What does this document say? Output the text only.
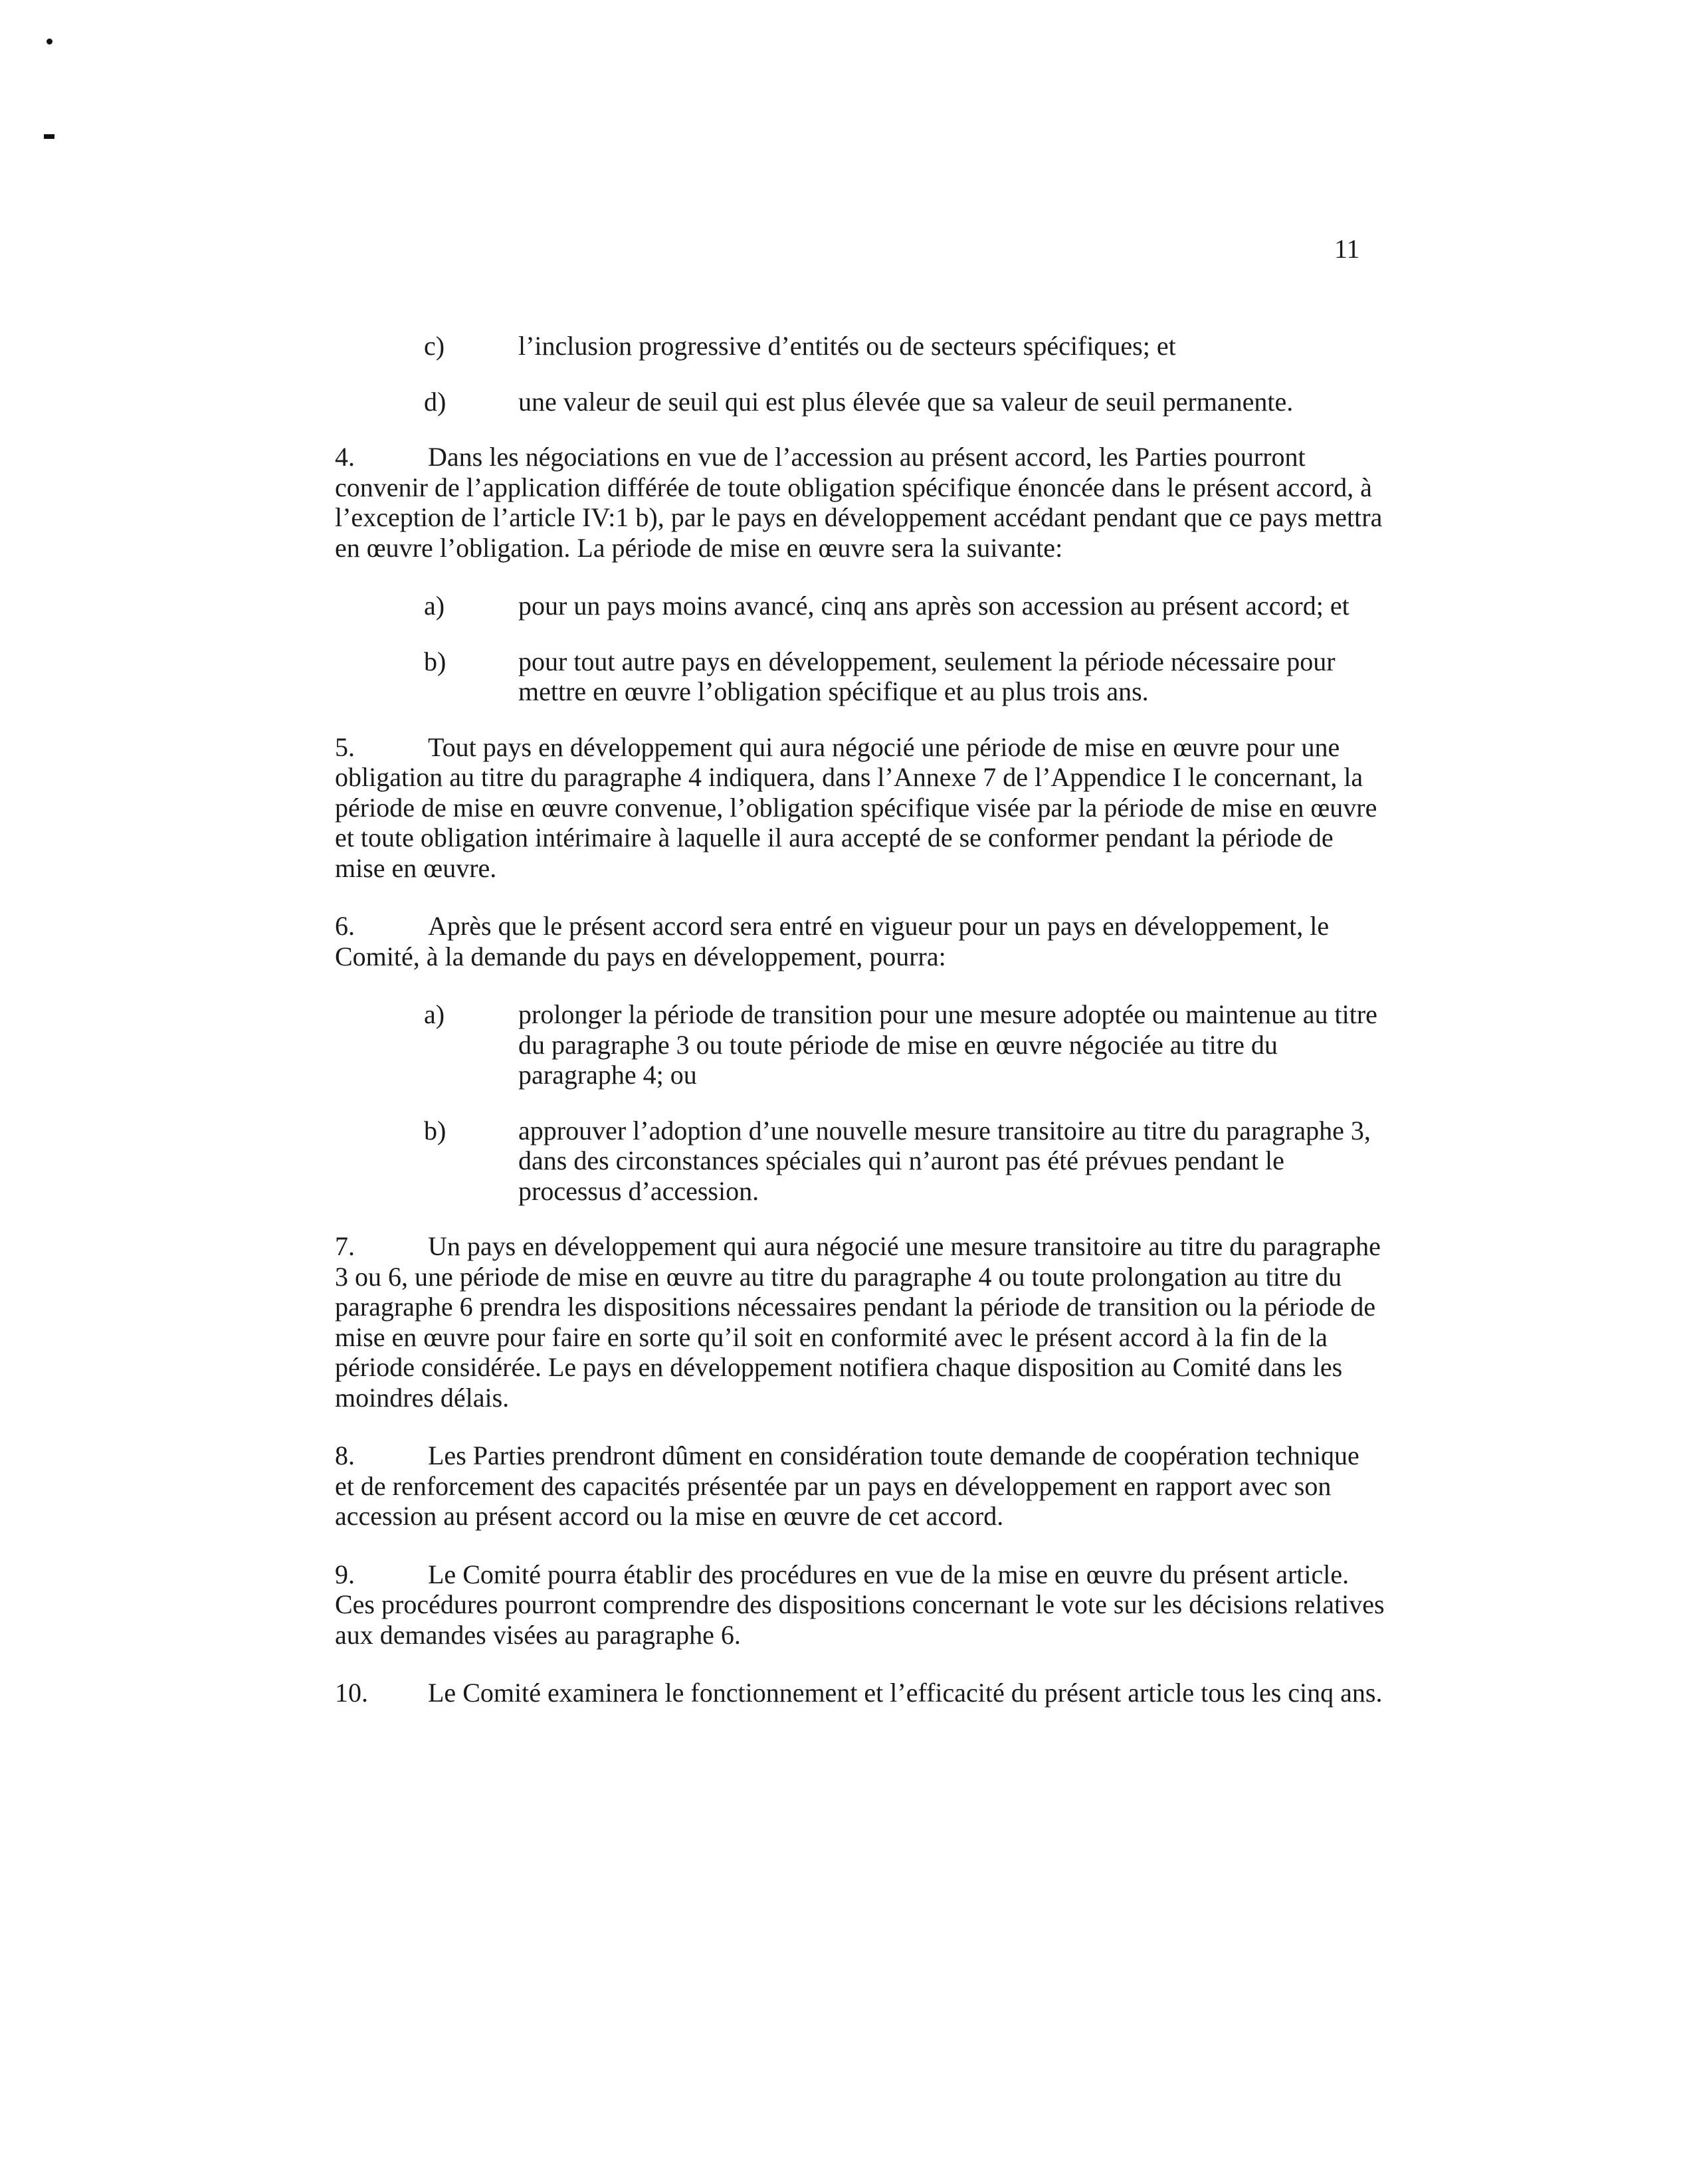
11
c)	l’inclusion progressive d’entités ou de secteurs spécifiques; et
d)	une valeur de seuil qui est plus élevée que sa valeur de seuil permanente.

4.	Dans les négociations en vue de l’accession au présent accord, les Parties pourront convenir de l’application différée de toute obligation spécifique énoncée dans le présent accord, à l’exception de l’article IV:1 b), par le pays en développement accédant pendant que ce pays mettra en œuvre l’obligation. La période de mise en œuvre sera la suivante:

a)	pour un pays moins avancé, cinq ans après son accession au présent accord; et
b)	pour tout autre pays en développement, seulement la période nécessaire pour mettre en œuvre l’obligation spécifique et au plus trois ans.

5.	Tout pays en développement qui aura négocié une période de mise en œuvre pour une obligation au titre du paragraphe 4 indiquera, dans l’Annexe 7 de l’Appendice I le concernant, la période de mise en œuvre convenue, l’obligation spécifique visée par la période de mise en œuvre et toute obligation intérimaire à laquelle il aura accepté de se conformer pendant la période de mise en œuvre.

6.	Après que le présent accord sera entré en vigueur pour un pays en développement, le Comité, à la demande du pays en développement, pourra:

a)	prolonger la période de transition pour une mesure adoptée ou maintenue au titre du paragraphe 3 ou toute période de mise en œuvre négociée au titre du paragraphe 4; ou
b)	approuver l’adoption d’une nouvelle mesure transitoire au titre du paragraphe 3, dans des circonstances spéciales qui n’auront pas été prévues pendant le processus d’accession.

7.	Un pays en développement qui aura négocié une mesure transitoire au titre du paragraphe 3 ou 6, une période de mise en œuvre au titre du paragraphe 4 ou toute prolongation au titre du paragraphe 6 prendra les dispositions nécessaires pendant la période de transition ou la période de mise en œuvre pour faire en sorte qu’il soit en conformité avec le présent accord à la fin de la période considérée. Le pays en développement notifiera chaque disposition au Comité dans les moindres délais.

8.	Les Parties prendront dûment en considération toute demande de coopération technique et de renforcement des capacités présentée par un pays en développement en rapport avec son accession au présent accord ou la mise en œuvre de cet accord.

9.	Le Comité pourra établir des procédures en vue de la mise en œuvre du présent article. Ces procédures pourront comprendre des dispositions concernant le vote sur les décisions relatives aux demandes visées au paragraphe 6.

10. Le Comité examinera le fonctionnement et l’efficacité du présent article tous les cinq ans.
